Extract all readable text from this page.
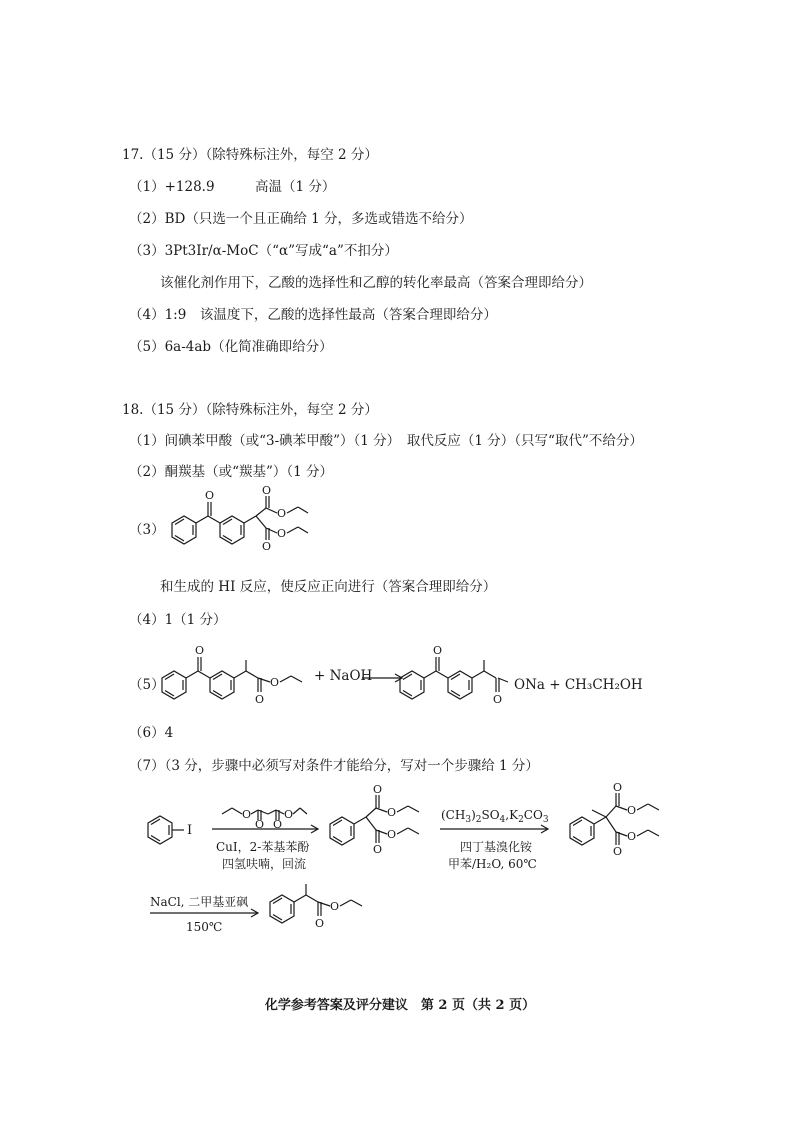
17.（15 分）（除特殊标注外，每空 2 分）
（1）+128.9　　　高温（1 分）
（2）BD（只选一个且正确给 1 分，多选或错选不给分）
（3）3Pt3Ir/α-MoC（“α”写成“a”不扣分）
该催化剂作用下，乙酸的选择性和乙醇的转化率最高（答案合理即给分）
（4）1:9　该温度下，乙酸的选择性最高（答案合理即给分）
（5）6a-4ab（化简准确即给分）
18.（15 分）（除特殊标注外，每空 2 分）
（1）间碘苯甲酸（或“3-碘苯甲酸”）（1 分）　取代反应（1 分）（只写“取代”不给分）
（2）酮羰基（或“羰基”）（1 分）
（3）
O	O
O
O
O
和生成的 HI 反应，使反应正向进行（答案合理即给分）
（4）1（1 分）
（5）
O
O
O	+ NaOH
O
O
ONa + CH₃CH₂OH
（6）4
（7）（3 分，步骤中必须写对条件才能给分，写对一个步骤给 1 分）
I
O
O O
O
CuI，2-苯基苯酚
四氢呋喃，回流
O
O
O
O
$(CH_3)_2SO_4,K_2CO_3$
四丁基溴化铵
甲苯/H₂O, 60℃
O
O
O
O
NaCl, 二甲基亚砜
150℃	O
O
化学参考答案及评分建议　第 2 页（共 2 页）
